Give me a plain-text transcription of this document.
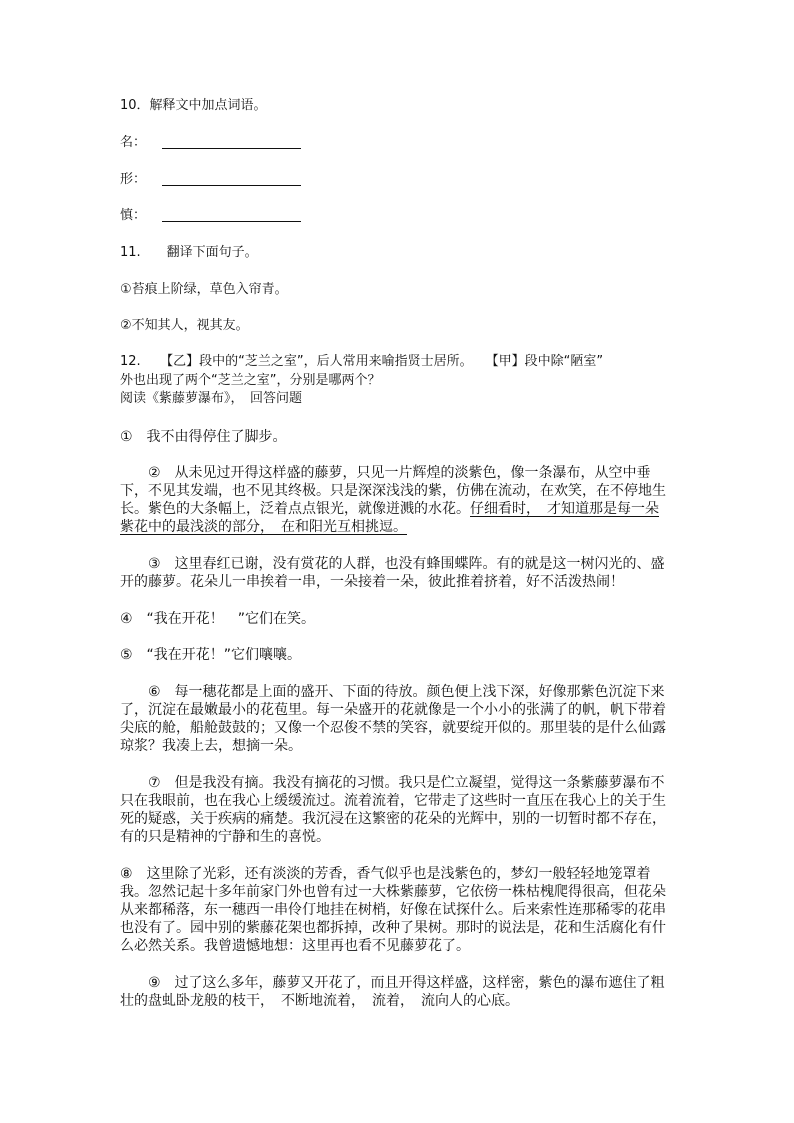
10．解释文中加点词语。
名：
形：
慎：
11.　　翻译下面句子。
①苔痕上阶绿，草色入帘青。
②不知其人，视其友。
12.　　【乙】段中的“芝兰之室”，后人常用来喻指贤士居所。　　【甲】段中除“陋室”
外也出现了两个“芝兰之室”，分别是哪两个？
阅读《紫藤萝瀑布》，　回答问题
①　我不由得停住了脚步。
　　②　从未见过开得这样盛的藤萝，只见一片辉煌的淡紫色，像一条瀑布，从空中垂
下，不见其发端，也不见其终极。只是深深浅浅的紫，仿佛在流动，在欢笑，在不停地生
长。紫色的大条幅上，泛着点点银光，就像迸溅的水花。仔细看时，　才知道那是每一朵
紫花中的最浅淡的部分，　在和阳光互相挑逗。
　　③　这里春红已谢，没有赏花的人群，也没有蜂围蝶阵。有的就是这一树闪光的、盛
开的藤萝。花朵儿一串挨着一串，一朵接着一朵，彼此推着挤着，好不活泼热闹！
④　“我在开花！　”它们在笑。
⑤　“我在开花！”它们嚷嚷。
　　⑥　每一穗花都是上面的盛开、下面的待放。颜色便上浅下深，好像那紫色沉淀下来
了，沉淀在最嫩最小的花苞里。每一朵盛开的花就像是一个小小的张满了的帆，帆下带着
尖底的舱，船舱鼓鼓的；又像一个忍俊不禁的笑容，就要绽开似的。那里装的是什么仙露
琼浆？我凑上去，想摘一朵。
　　⑦　但是我没有摘。我没有摘花的习惯。我只是伫立凝望，觉得这一条紫藤萝瀑布不
只在我眼前，也在我心上缓缓流过。流着流着，它带走了这些时一直压在我心上的关于生
死的疑惑，关于疾病的痛楚。我沉浸在这繁密的花朵的光辉中，别的一切暂时都不存在，
有的只是精神的宁静和生的喜悦。
⑧　这里除了光彩，还有淡淡的芳香，香气似乎也是浅紫色的，梦幻一般轻轻地笼罩着
我。忽然记起十多年前家门外也曾有过一大株紫藤萝，它依傍一株枯槐爬得很高，但花朵
从来都稀落，东一穗西一串伶仃地挂在树梢，好像在试探什么。后来索性连那稀零的花串
也没有了。园中别的紫藤花架也都拆掉，改种了果树。那时的说法是，花和生活腐化有什
么必然关系。我曾遗憾地想：这里再也看不见藤萝花了。
　　⑨　过了这么多年，藤萝又开花了，而且开得这样盛，这样密，紫色的瀑布遮住了粗
壮的盘虬卧龙般的枝干，　不断地流着，　流着，　流向人的心底。
